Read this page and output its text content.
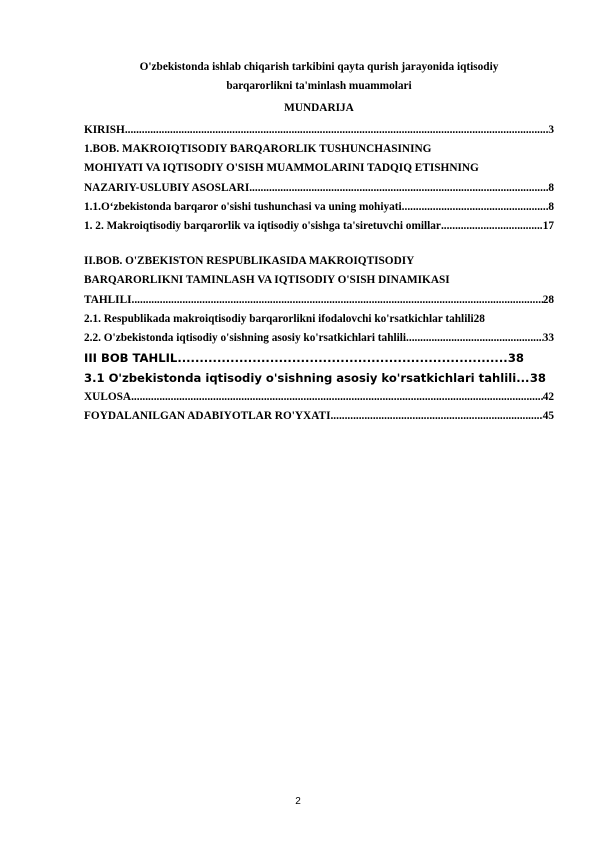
O'zbekistonda ishlab chiqarish tarkibini qayta qurish jarayonida iqtisodiy
barqarorlikni ta'minlash muammolari
MUNDARIJA
KIRISH .....	3
1.BOB. MAKROIQTISODIY BARQARORLIK TUSHUNCHASINING
MOHIYATI VA IQTISODIY O'SISH MUAMMOLARINI TADQIQ ETISHNING
NAZARIY-USLUBIY ASOSLARI .....	8
1.1. O‘zbekistonda barqaror o'sishi tushunchasi va uning mohiyati .....	8
1. 2. Makroiqtisodiy barqarorlik va iqtisodiy o'sishga ta'siretuvchi omillar .....	17
II.BOB. O'ZBEKISTON RESPUBLIKASIDA MAKROIQTISODIY
BARQARORLIKNI TAMINLASH VA IQTISODIY O'SISH DINAMIKASI
TAHLILI .....	28
2.1. Respublikada makroiqtisodiy barqarorlikni ifodalovchi ko'rsatkichlar tahlili 28
2.2. O'zbekistonda iqtisodiy o'sishning asosiy ko'rsatkichlari tahlili .....	33
III BOB TAHLIL .....	38
3.1 O'zbekistonda iqtisodiy o'sishning asosiy ko'rsatkichlari tahlili ..... 38
XULOSA .....	42
FOYDALANILGAN ADABIYOTLAR RO'YXATI .....	45
2
